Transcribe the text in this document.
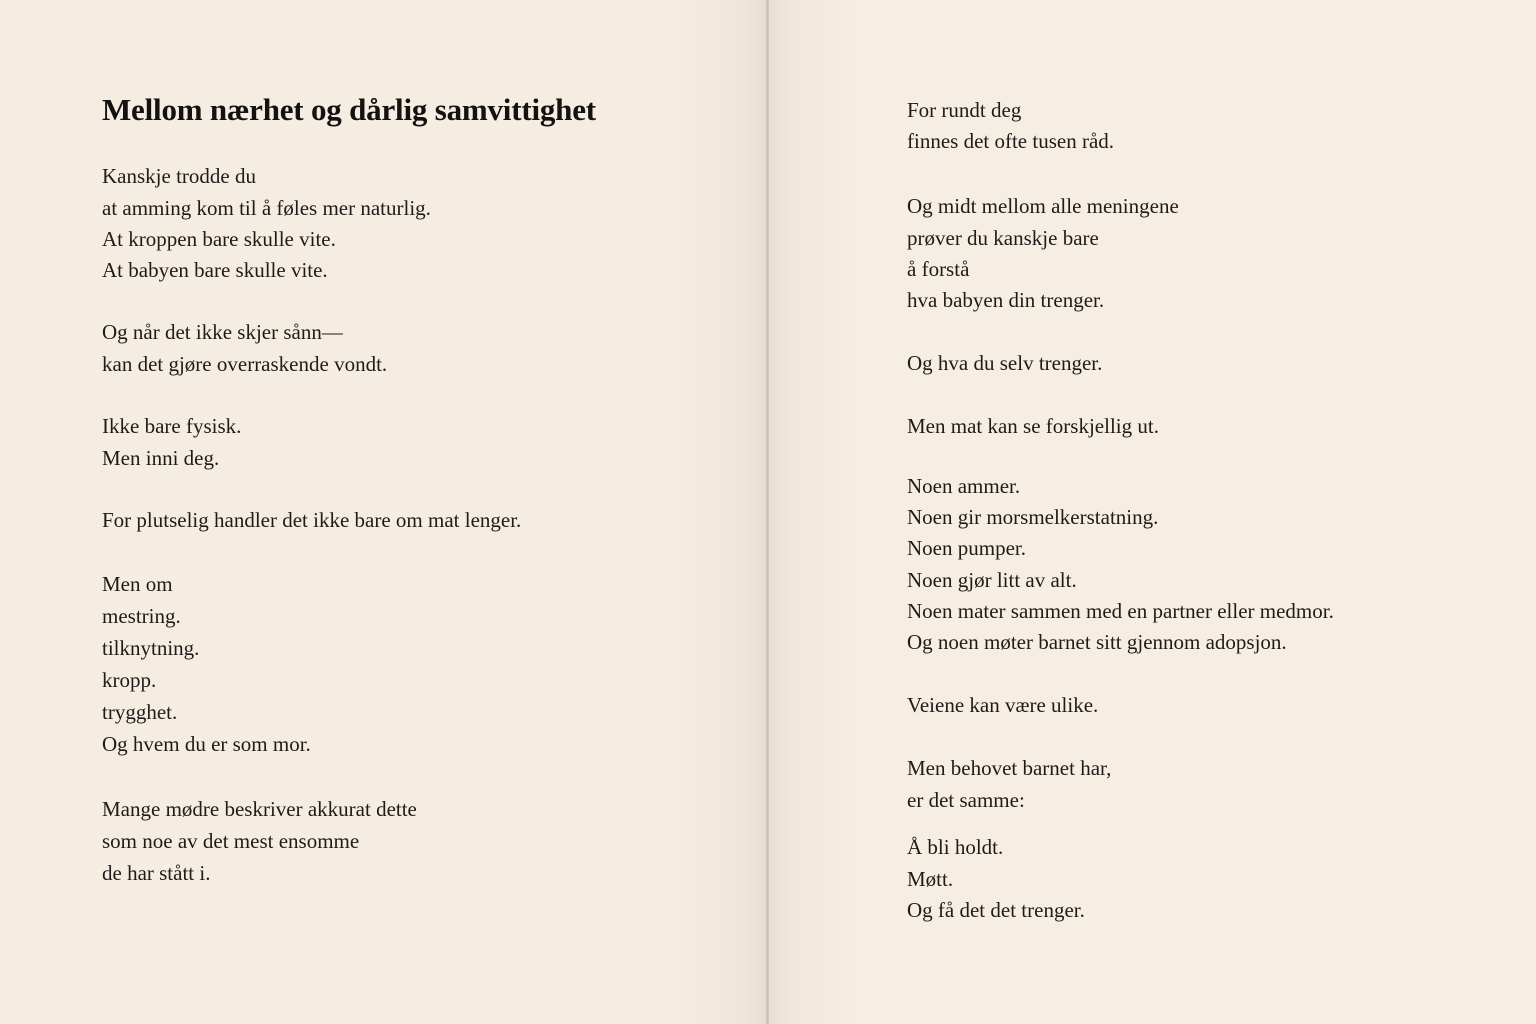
Mellom nærhet og dårlig samvittighet

Kanskje trodde du

at amming kom til å føles mer naturlig.

At kroppen bare skulle vite.

At babyen bare skulle vite.

Og når det ikke skjer sånn—

kan det gjøre overraskende vondt.

Ikke bare fysisk.

Men inni deg.

For plutselig handler det ikke bare om mat lenger.

Men om

mestring.

tilknytning.

kropp.

trygghet.

Og hvem du er som mor.

Mange mødre beskriver akkurat dette

som noe av det mest ensomme

de har stått i.

For rundt deg

finnes det ofte tusen råd.

Og midt mellom alle meningene

prøver du kanskje bare

å forstå

hva babyen din trenger.

Og hva du selv trenger.

Men mat kan se forskjellig ut.

Noen ammer.

Noen gir morsmelkerstatning.

Noen pumper.

Noen gjør litt av alt.

Noen mater sammen med en partner eller medmor.

Og noen møter barnet sitt gjennom adopsjon.

Veiene kan være ulike.

Men behovet barnet har,

er det samme:

Å bli holdt.

Møtt.

Og få det det trenger.
